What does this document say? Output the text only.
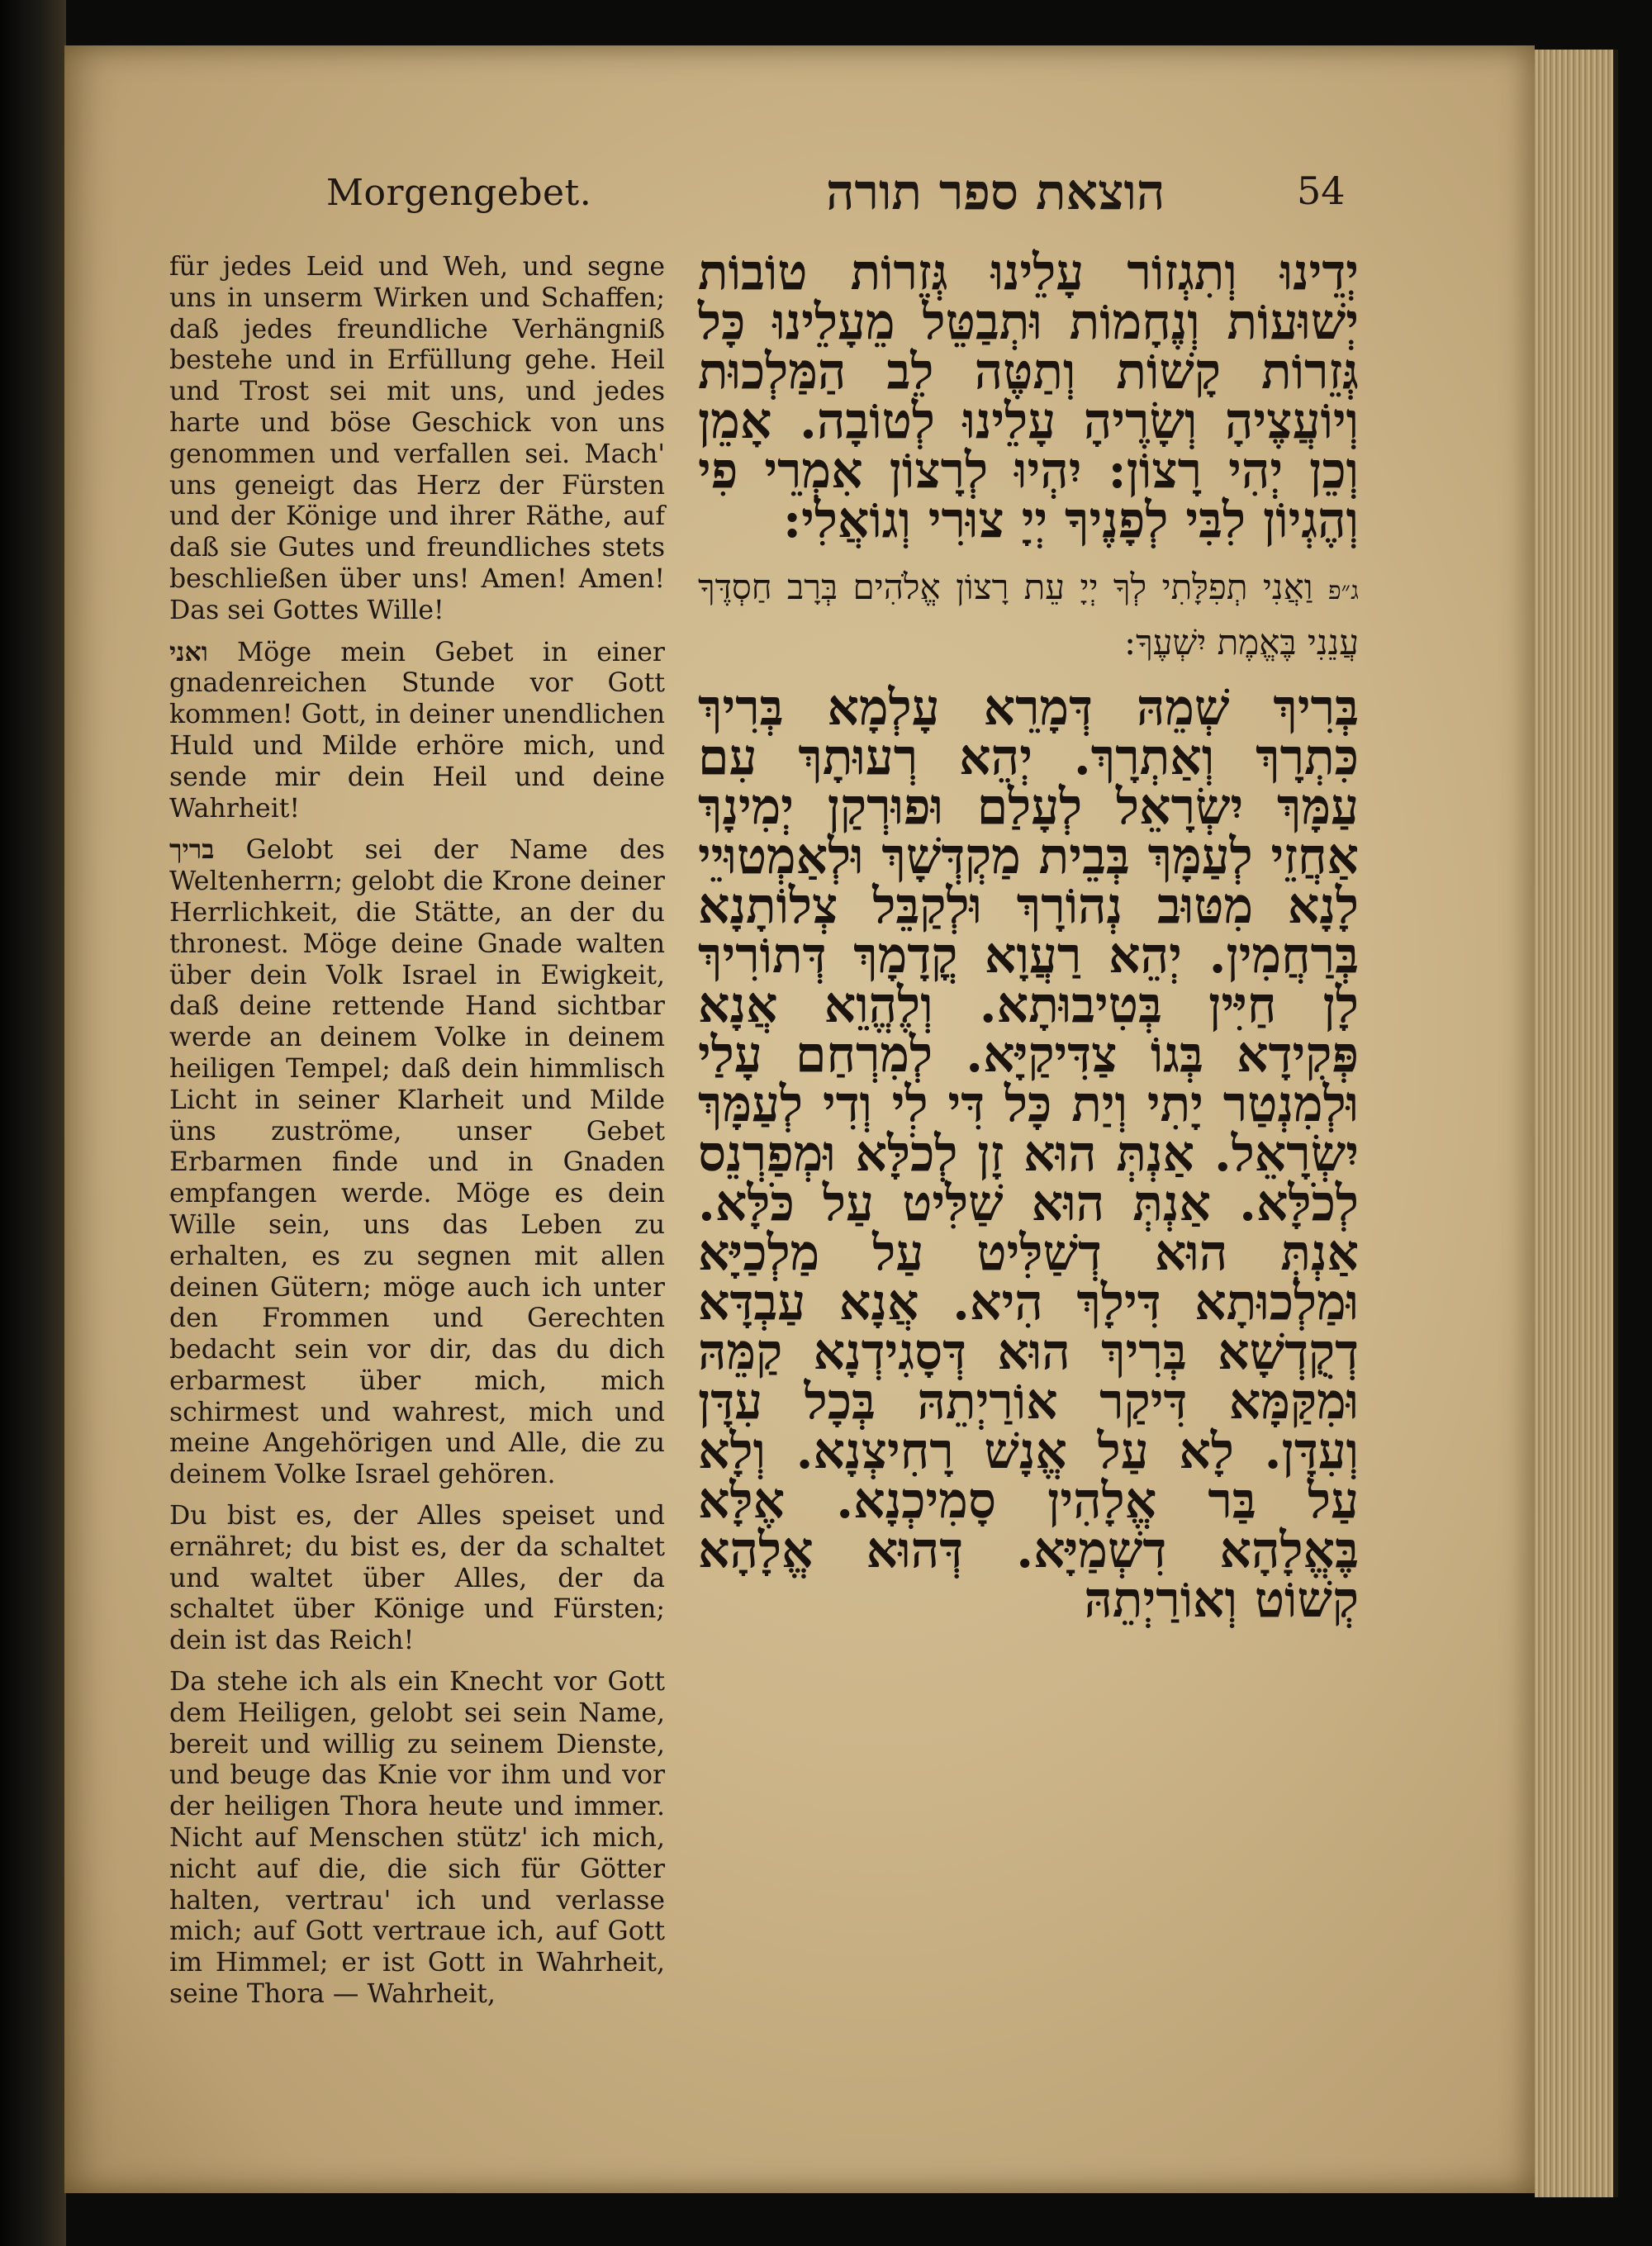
Morgengebet.	הוצאת ספר תורה	54

für jedes Leid und Weh, und segne uns in unserm Wirken und Schaffen; daß jedes freundliche Verhängniß bestehe und in Erfüllung gehe. Heil und Trost sei mit uns, und jedes harte und böse Geschick von uns genommen und verfallen sei. Mach' uns geneigt das Herz der Fürsten und der Könige und ihrer Räthe, auf daß sie Gutes und freundliches stets beschließen über uns! Amen! Amen! Das sei Gottes Wille!

ואני Möge mein Gebet in einer gnadenreichen Stunde vor Gott kommen! Gott, in deiner unendlichen Huld und Milde erhöre mich, und sende mir dein Heil und deine Wahrheit!

בריך Gelobt sei der Name des Weltenherrn; gelobt die Krone deiner Herrlichkeit, die Stätte, an der du thronest. Möge deine Gnade walten über dein Volk Israel in Ewigkeit, daß deine rettende Hand sichtbar werde an deinem Volke in deinem heiligen Tempel; daß dein himmlisch Licht in seiner Klarheit und Milde üns zuströme, unser Gebet Erbarmen finde und in Gnaden empfangen werde. Möge es dein Wille sein, uns das Leben zu erhalten, es zu segnen mit allen deinen Gütern; möge auch ich unter den Frommen und Gerechten bedacht sein vor dir, das du dich erbarmest über mich, mich schirmest und wahrest, mich und meine Angehörigen und Alle, die zu deinem Volke Israel gehören.

Du bist es, der Alles speiset und ernähret; du bist es, der da schaltet und waltet über Alles, der da schaltet über Könige und Fürsten; dein ist das Reich!

Da stehe ich als ein Knecht vor Gott dem Heiligen, gelobt sei sein Name, bereit und willig zu seinem Dienste, und beuge das Knie vor ihm und vor der heiligen Thora heute und immer. Nicht auf Menschen stütz' ich mich, nicht auf die, die sich für Götter halten, vertrau' ich und verlasse mich; auf Gott vertraue ich, auf Gott im Himmel; er ist Gott in Wahrheit, seine Thora — Wahrheit,

יְדֵינוּ וְתִגְזוֹר עָלֵינוּ גְּזֵרוֹת טוֹבוֹת יְשׁוּעוֹת וְנֶחָמוֹת וּתְבַטֵּל מֵעָלֵינוּ כָּל גְּזֵרוֹת קָשׁוֹת וְתַטֶּה לֵב הַמַּלְכוּת וְיוֹעֲצֶיהָ וְשָׂרֶיהָ עָלֵינוּ לְטוֹבָה. אָמֵן וְכֵן יְהִי רָצוֹן: יִהְיוּ לְרָצוֹן אִמְרֵי פִי וְהֶגְיוֹן לִבִּי לְפָנֶיךָ יְיָ צוּרִי וְגוֹאֲלִי:

ג״פ וַאֲנִי תְפִלָּתִי לְךָ יְיָ עֵת רָצוֹן אֱלֹהִים בְּרָב חַסְדֶּךָ עֲנֵנִי בֶּאֱמֶת יִשְׁעֶךָ:

בְּרִיךְ שְׁמֵהּ דְּמָרֵא עָלְמָא בְּרִיךְ כִּתְרָךְ וְאַתְרָךְ. יְהֵא רְעוּתָךְ עִם עַמָּךְ יִשְׂרָאֵל לְעָלַם וּפוּרְקַן יְמִינָךְ אַחֲזֵי לְעַמָּךְ בְּבֵית מַקְדְּשָׁךְ וּלְאַמְטוּיֵי לָנָא מִטּוּב נְהוֹרָךְ וּלְקַבֵּל צְלוֹתָנָא בְּרַחֲמִין. יְהֵא רַעֲוָא קֳדָמָךְ דְּתוֹרִיךְ לָן חַיִּין בְּטִיבוּתָא. וְלֶהֱוֵא אֲנָא פְּקִידָא בְּגוֹ צַדִּיקַיָּא. לְמִרְחַם עָלַי וּלְמִנְטַר יָתִי וְיַת כָּל דִּי לִי וְדִי לְעַמָּךְ יִשְׂרָאֵל. אַנְתְּ הוּא זָן לְכֹלָּא וּמְפַרְנֵס לְכֹלָּא. אַנְתְּ הוּא שַׁלִּיט עַל כֹּלָּא. אַנְתְּ הוּא דְשַׁלִּיט עַל מַלְכַיָּא וּמַלְכוּתָא דִּילָךְ הִיא. אֲנָא עַבְדָּא דְקֻדְשָׁא בְּרִיךְ הוּא דְּסָגִידְנָא קַמֵּהּ וּמִקַּמָּא דִּיקַר אוֹרַיְתֵהּ בְּכָל עִדָּן וְעִדָּן. לָא עַל אֱנָשׁ רָחִיצְנָא. וְלָא עַל בַּר אֱלָהִין סָמִיכְנָא. אֶלָּא בֶּאֱלָהָא דִשְׁמַיָּא. דְּהוּא אֱלָהָא קְשׁוֹט וְאוֹרַיְתֵהּ
